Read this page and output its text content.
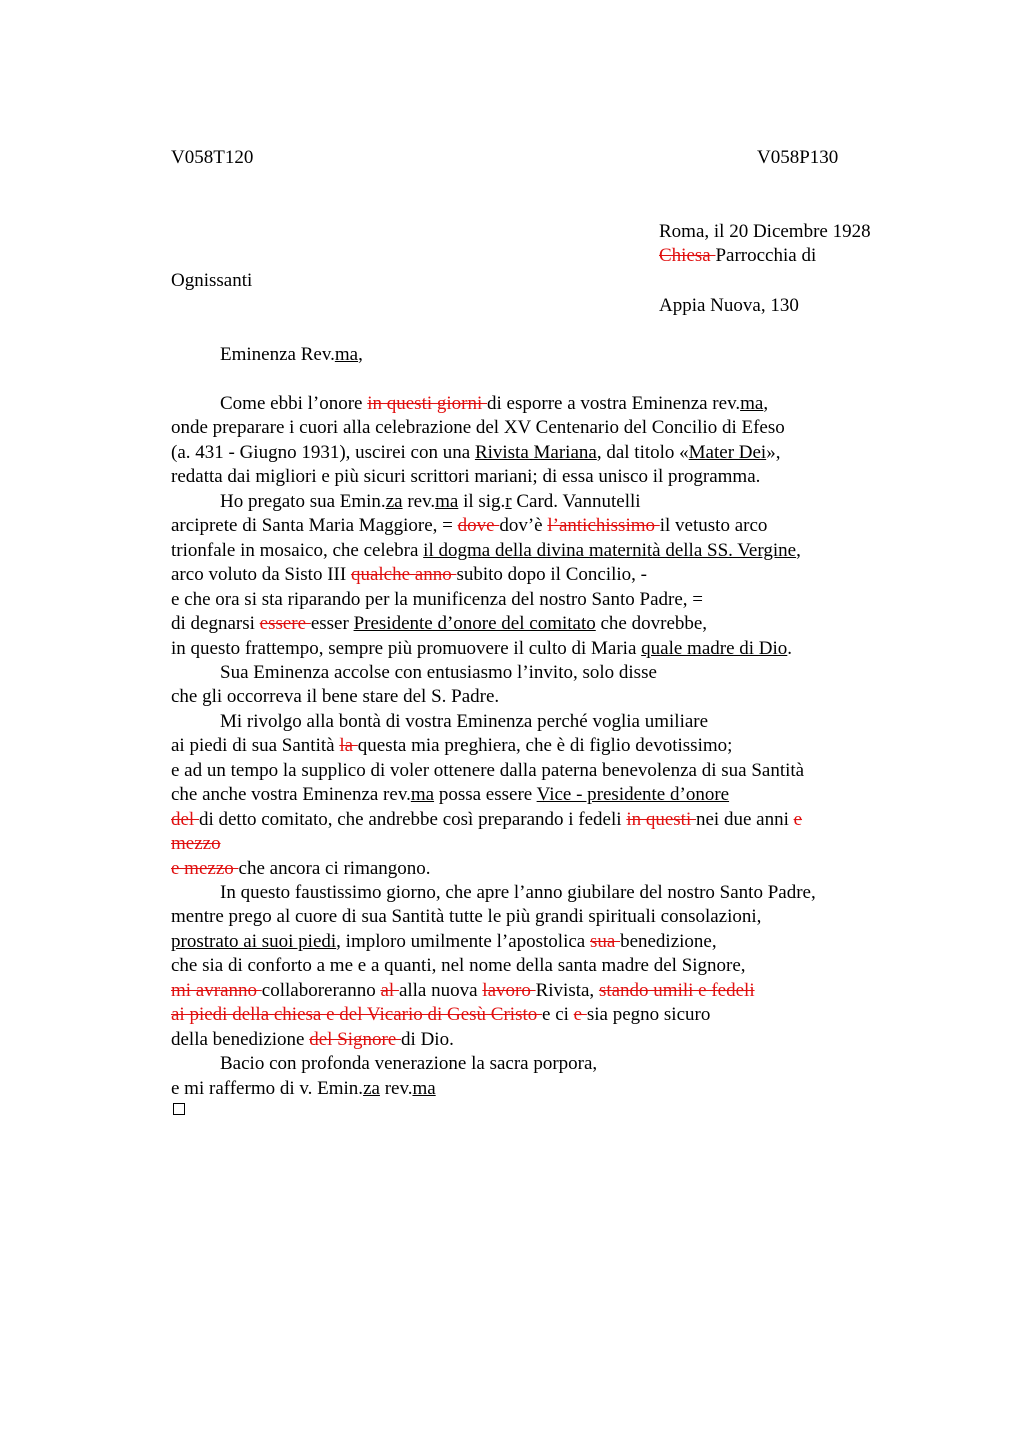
V058T120	V058P130
Roma, il 20 Dicembre 1928
Chiesa Parrocchia di
Ognissanti
Appia Nuova, 130
Eminenza Rev.ma,
Come ebbi l’onore in questi giorni di esporre a vostra Eminenza rev.ma,
onde preparare i cuori alla celebrazione del XV Centenario del Concilio di Efeso
(a. 431 - Giugno 1931), uscirei con una Rivista Mariana, dal titolo «Mater Dei»,
redatta dai migliori e più sicuri scrittori mariani; di essa unisco il programma.
Ho pregato sua Emin.za rev.ma il sig.r Card. Vannutelli
arciprete di Santa Maria Maggiore, = dove dov’è l’antichissimo il vetusto arco
trionfale in mosaico, che celebra il dogma della divina maternità della SS. Vergine,
arco voluto da Sisto III qualche anno subito dopo il Concilio, -
e che ora si sta riparando per la munificenza del nostro Santo Padre, =
di degnarsi essere esser Presidente d’onore del comitato che dovrebbe,
in questo frattempo, sempre più promuovere il culto di Maria quale madre di Dio.
Sua Eminenza accolse con entusiasmo l’invito, solo disse
che gli occorreva il bene stare del S. Padre.
Mi rivolgo alla bontà di vostra Eminenza perché voglia umiliare
ai piedi di sua Santità la questa mia preghiera, che è di figlio devotissimo;
e ad un tempo la supplico di voler ottenere dalla paterna benevolenza di sua Santità
che anche vostra Eminenza rev.ma possa essere Vice - presidente d’onore
del di detto comitato, che andrebbe così preparando i fedeli in questi nei due anni e
mezzo
e mezzo che ancora ci rimangono.
In questo faustissimo giorno, che apre l’anno giubilare del nostro Santo Padre,
mentre prego al cuore di sua Santità tutte le più grandi spirituali consolazioni,
prostrato ai suoi piedi, imploro umilmente l’apostolica sua benedizione,
che sia di conforto a me e a quanti, nel nome della santa madre del Signore,
mi avranno collaboreranno al alla nuova lavoro Rivista, stando umili e fedeli
ai piedi della chiesa e del Vicario di Gesù Cristo e ci e sia pegno sicuro
della benedizione del Signore di Dio.
Bacio con profonda venerazione la sacra porpora,
e mi raffermo di v. Emin.za rev.ma
